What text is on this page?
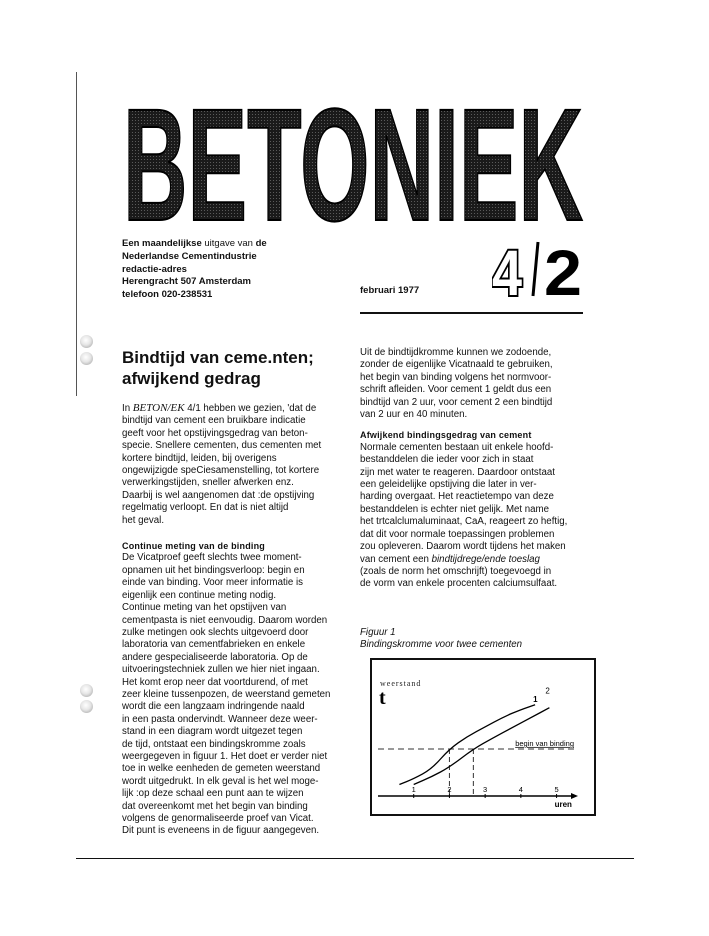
BETONIEK
Een maandelijkse uitgave van de
Nederlandse Cementindustrie
redactie-adres
Herengracht 507 Amsterdam
telefoon 020-238531	4 2
februari 1977
Bindtijd van ceme.nten;
afwijkend gedrag

In BETON/EK 4/1 hebben we gezien, 'dat de

bindtijd van cement een bruikbare indicatie

geeft voor het opstijvingsgedrag van beton-

specie. Snellere cementen, dus cementen met

kortere bindtijd, leiden, bij overigens

ongewijzigde speCiesamenstelling, tot kortere

verwerkingstijden, sneller afwerken enz.

Daarbij is wel aangenomen dat :de opstijving

regelmatig verloopt. En dat is niet altijd

het geval.

Continue meting van de binding

De Vicatproef geeft slechts twee moment-

opnamen uit het bindingsverloop: begin en

einde van binding. Voor meer informatie is

eigenlijk een continue meting nodig.

Continue meting van het opstijven van

cementpasta is niet eenvoudig. Daarom worden

zulke metingen ook slechts uitgevoerd door

laboratoria van cementfabrieken en enkele

andere gespecialiseerde laboratoria. Op de

uitvoeringstechniek zullen we hier niet ingaan.

Het komt erop neer dat voortdurend, of met

zeer kleine tussenpozen, de weerstand gemeten

wordt die een langzaam indringende naald

in een pasta ondervindt. Wanneer deze weer-

stand in een diagram wordt uitgezet tegen

de tijd, ontstaat een bindingskromme zoals

weergegeven in figuur 1. Het doet er verder niet

toe in welke eenheden de gemeten weerstand

wordt uitgedrukt. In elk geval is het wel moge-

lijk :op deze schaal een punt aan te wijzen

dat overeenkomt met het begin van binding

volgens de genormaliseerde proef van Vicat.

Dit punt is eveneens in de figuur aangegeven.

Uit de bindtijdkromme kunnen we zodoende,

zonder de eigenlijke Vicatnaald te gebruiken,

het begin van binding volgens het normvoor-

schrift afleiden. Voor cement 1 geldt dus een

bindtijd van 2 uur, voor cement 2 een bindtijd

van 2 uur en 40 minuten.

Afwijkend bindingsgedrag van cement

Normale cementen bestaan uit enkele hoofd-

bestanddelen die ieder voor zich in staat

zijn met water te reageren. Daardoor ontstaat

een geleidelijke opstijving die later in ver-

harding overgaat. Het reactietempo van deze

bestanddelen is echter niet gelijk. Met name

het trtcalclumaluminaat, CaA, reageert zo heftig,

dat dit voor normale toepassingen problemen

zou opleveren. Daarom wordt tijdens het maken

van cement een bindtijdrege/ende toeslag

(zoals de norm het omschrijft) toegevoegd in

de vorm van enkele procenten calciumsulfaat.

Figuur 1
Bindingskromme voor twee cementen
weerstand
t
uren
begin van binding
1	2	3	4	5
1
2
